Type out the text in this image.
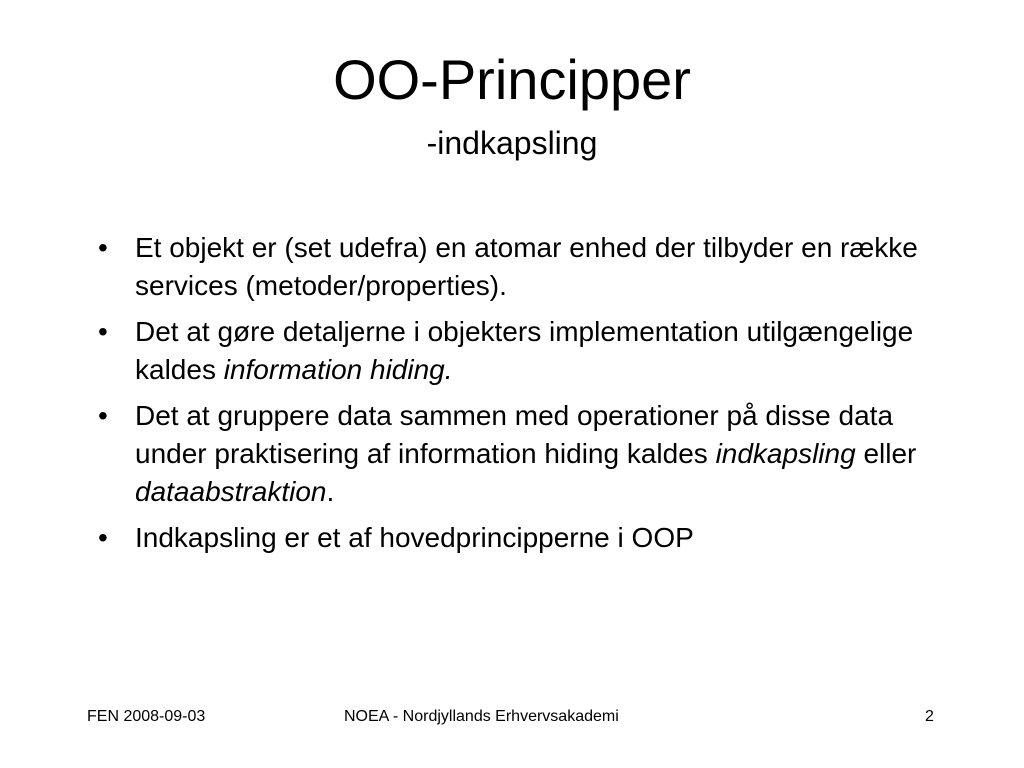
OO-Principper
-indkapsling
• Et objekt er (set udefra) en atomar enhed der tilbyder en række services (metoder/properties).
• Det at gøre detaljerne i objekters implementation utilgængelige kaldes information hiding.
• Det at gruppere data sammen med operationer på disse data under praktisering af information hiding kaldes indkapsling eller dataabstraktion.
• Indkapsling er et af hovedprincipperne i OOP
FEN 2008-09-03	NOEA - Nordjyllands Erhvervsakademi	2
